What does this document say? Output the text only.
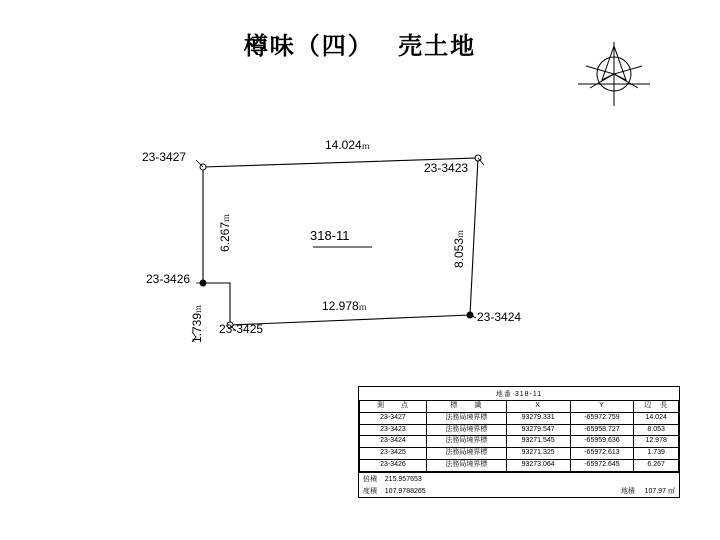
樽味（四）　 売土地
23-3427
23-3423
23-3424
23-3425
23-3426
14.024ｍ
12.978ｍ
6.267ｍ
1.739ｍ
8.053ｍ
318-11
地番 318-11
測　　点	標　　識	X	Y	辺　長
23-3427	法務局境界標	93279.331	-65972.759	14.024
23-3423	法務局境界標	93279.547	-65958.727	8.053
23-3424	法務局境界標	93271.545	-65959.636	12.978
23-3425	法務局境界標	93271.325	-65972.613	1.739
23-3426	法務局境界標	93273.064	-65972.645	6.267
倍積 215.957653
度積 107.9788265	地積 107.97 ㎡
